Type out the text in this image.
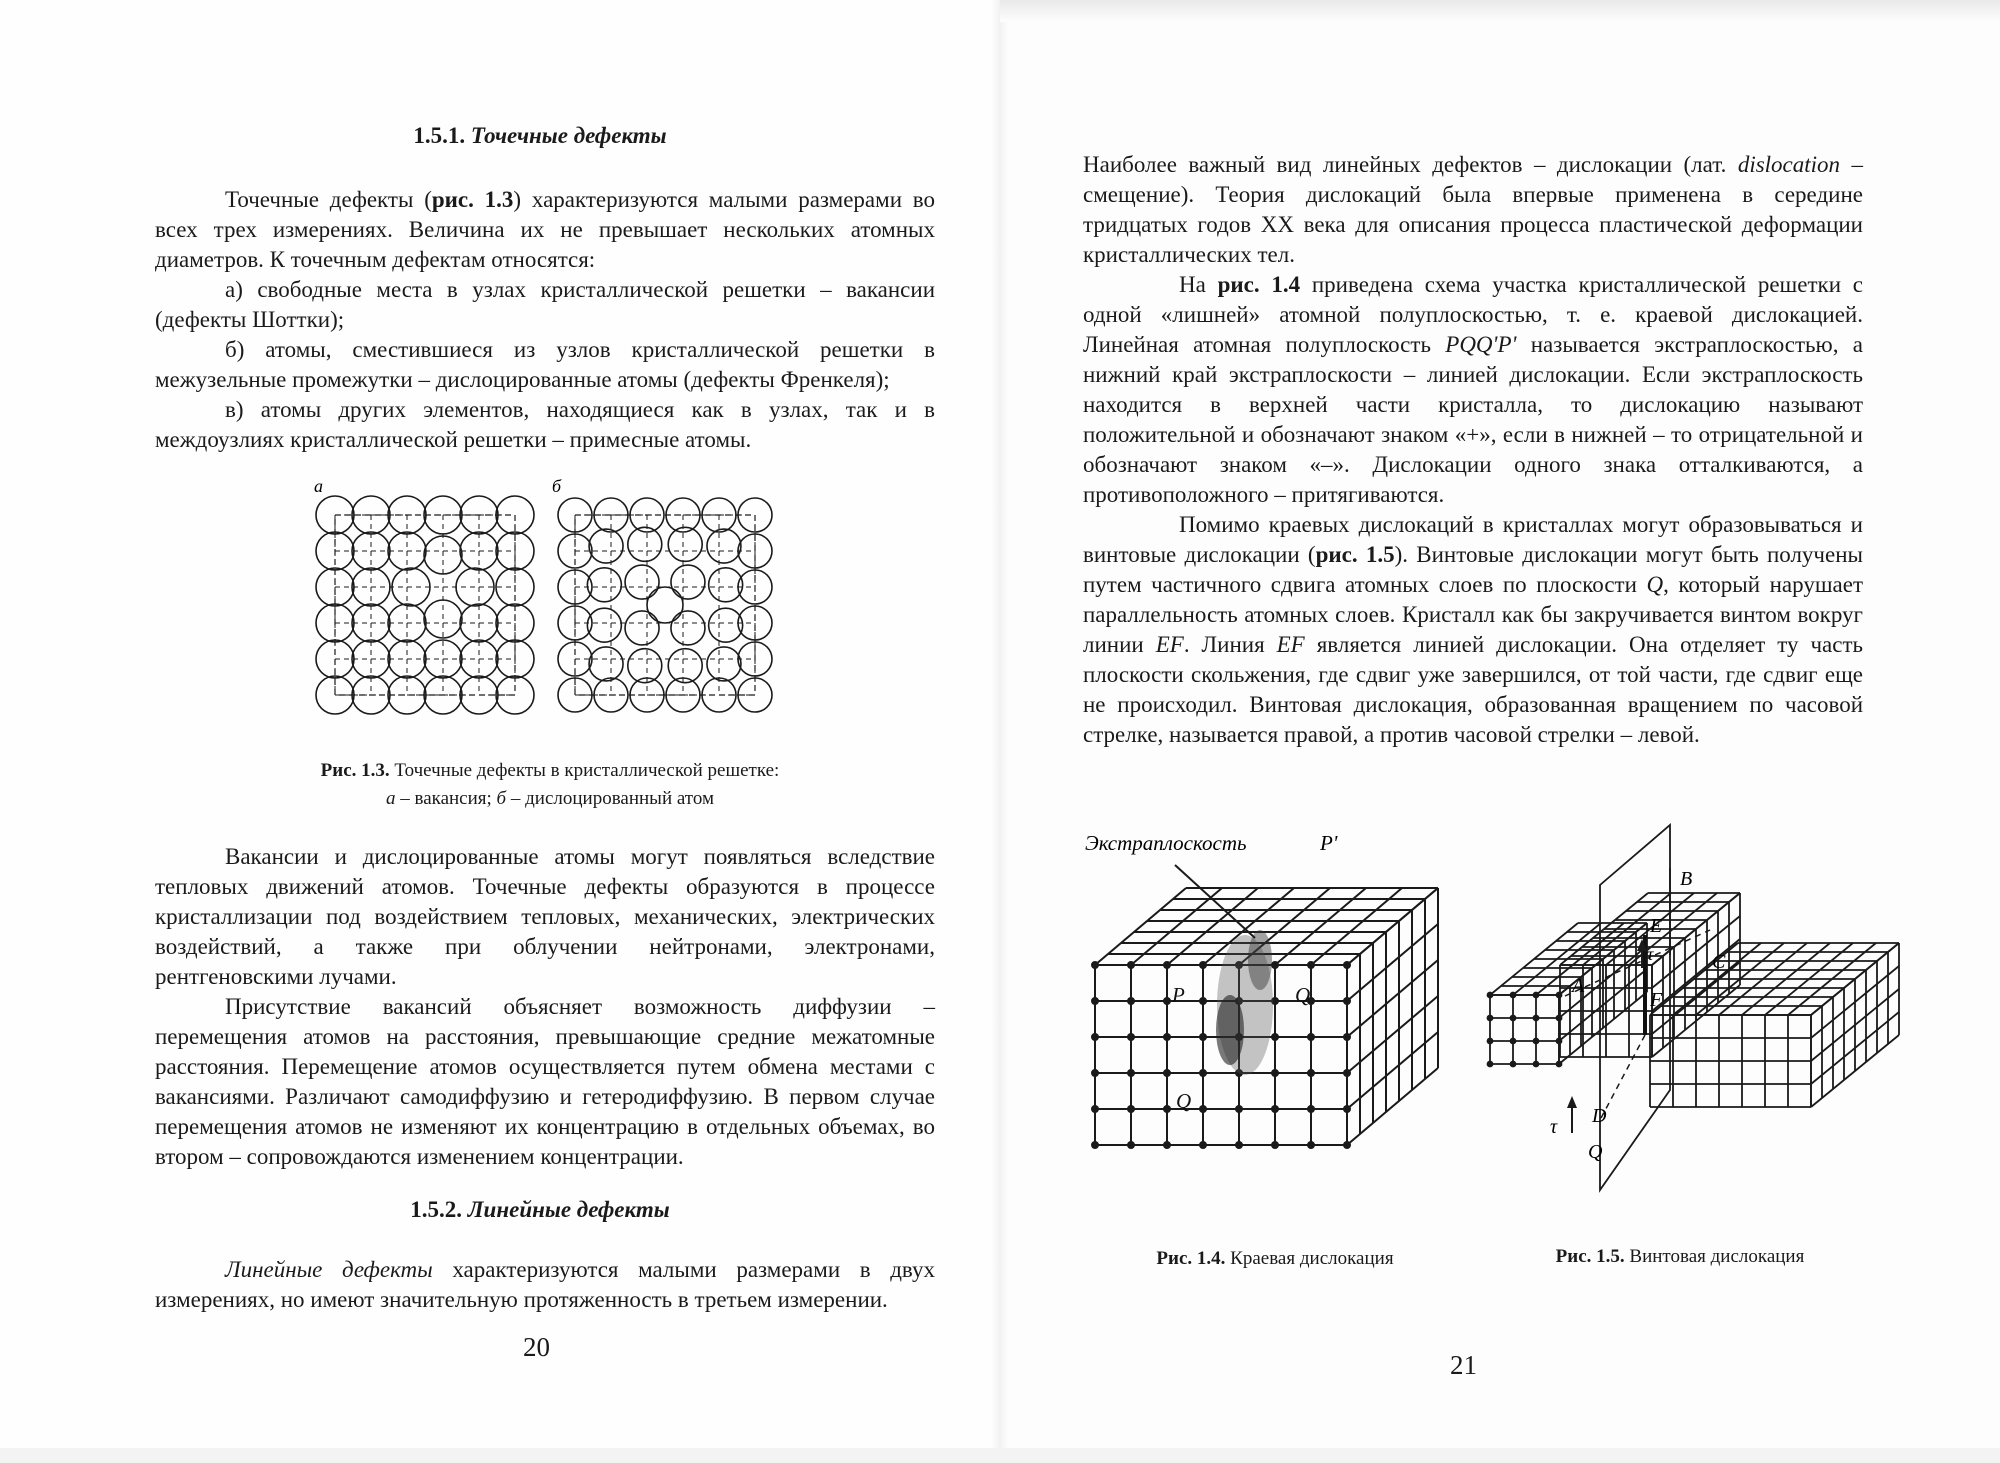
1.5.1. Точечные дефекты

Точечные дефекты (рис. 1.3) характеризуются малыми размерами во всех трех измерениях. Величина их не превышает нескольких атомных диаметров. К точечным дефектам относятся:

а) свободные места в узлах кристаллической решетки – вакансии (дефекты Шоттки);

б) атомы, сместившиеся из узлов кристаллической решетки в межузельные промежутки – дислоцированные атомы (дефекты Френкеля);

в) атомы других элементов, находящиеся как в узлах, так и в междоузлиях кристаллической решетки – примесные атомы.

а	б
Рис. 1.3. Точечные дефекты в кристаллической решетке:
а – вакансия; б – дислоцированный атом

Вакансии и дислоцированные атомы могут появляться вследствие тепловых движений атомов. Точечные дефекты образуются в процессе кристаллизации под воздействием тепловых, механических, электрических воздействий, а также при облучении нейтронами, электронами, рентгеновскими лучами.

Присутствие вакансий объясняет возможность диффузии – перемещения атомов на расстояния, превышающие средние межатомные расстояния. Перемещение атомов осуществляется путем обмена местами с вакансиями. Различают самодиффузию и гетеродиффузию. В первом случае перемещения атомов не изменяют их концентрацию в отдельных объемах, во втором – сопровождаются изменением концентрации.

1.5.2. Линейные дефекты

Линейные дефекты характеризуются малыми размерами в двух измерениях, но имеют значительную протяженность в третьем измерении.

20

Наиболее важный вид линейных дефектов – дислокации (лат. dislocation – смещение). Теория дислокаций была впервые применена в середине тридцатых годов XX века для описания процесса пластической деформации кристаллических тел.

На рис. 1.4 приведена схема участка кристаллической решетки с одной «лишней» атомной полуплоскостью, т. е. краевой дислокацией. Линейная атомная полуплоскость PQQ'P' называется экстраплоскостью, а нижний край экстраплоскости – линией дислокации. Если экстраплоскость находится в верхней части кристалла, то дислокацию называют положительной и обозначают знаком «+», если в нижней – то отрицательной и обозначают знаком «–». Дислокации одного знака отталкиваются, а противоположного – притягиваются.

Помимо краевых дислокаций в кристаллах могут образовываться и винтовые дислокации (рис. 1.5). Винтовые дислокации могут быть получены путем частичного сдвига атомных слоев по плоскости Q, который нарушает параллельность атомных слоев. Кристалл как бы закручивается винтом вокруг линии EF. Линия EF является линией дислокации. Она отделяет ту часть плоскости скольжения, где сдвиг уже завершился, от той части, где сдвиг еще не происходил. Винтовая дислокация, образованная вращением по часовой стрелке, называется правой, а против часовой стрелки – левой.

Экстраплоскость	P'
P	Q
Q
B
E
τ	C
A
F
τ D
Q
Рис. 1.4. Краевая дислокация	Рис. 1.5. Винтовая дислокация
21
